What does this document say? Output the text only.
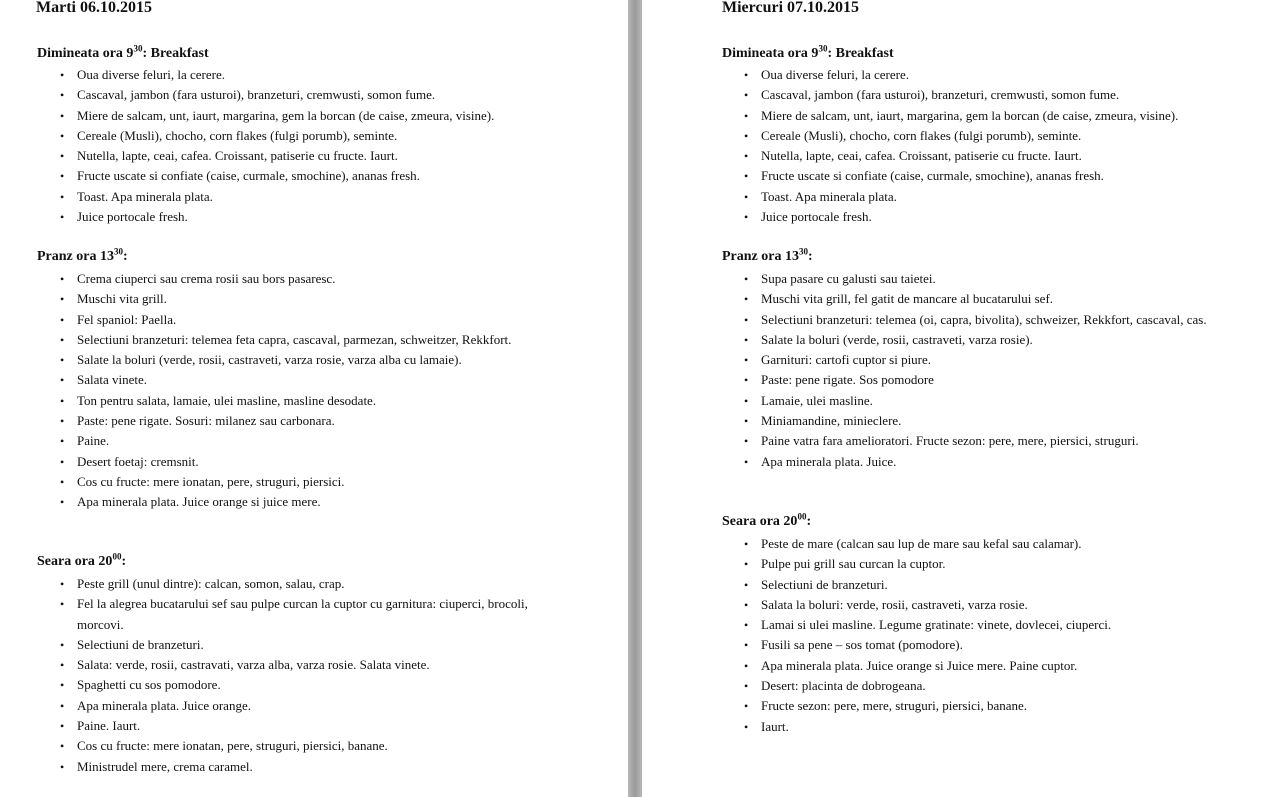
Marti 06.10.2015
Dimineata ora $9^{30}$: Breakfast
• Oua diverse feluri, la cerere.
• Cascaval, jambon (fara usturoi), branzeturi, cremwusti, somon fume.
• Miere de salcam, unt, iaurt, margarina, gem la borcan (de caise, zmeura, visine).
• Cereale (Musli), chocho, corn flakes (fulgi porumb), seminte.
• Nutella, lapte, ceai, cafea. Croissant, patiserie cu fructe. Iaurt.
• Fructe uscate si confiate (caise, curmale, smochine), ananas fresh.
• Toast. Apa minerala plata.
• Juice portocale fresh.
Pranz ora $13^{30}$:
• Crema ciuperci sau crema rosii sau bors pasaresc.
• Muschi vita grill.
• Fel spaniol: Paella.
• Selectiuni branzeturi: telemea feta capra, cascaval, parmezan, schweitzer, Rekkfort.
• Salate la boluri (verde, rosii, castraveti, varza rosie, varza alba cu lamaie).
• Salata vinete.
• Ton pentru salata, lamaie, ulei masline, masline desodate.
• Paste: pene rigate. Sosuri: milanez sau carbonara.
• Paine.
• Desert foetaj: cremsnit.
• Cos cu fructe: mere ionatan, pere, struguri, piersici.
• Apa minerala plata. Juice orange si juice mere.
Seara ora $20^{00}$:
• Peste grill (unul dintre): calcan, somon, salau, crap.
• Fel la alegrea bucatarului sef sau pulpe curcan la cuptor cu garnitura: ciuperci, brocoli, morcovi.
• Selectiuni de branzeturi.
• Salata: verde, rosii, castravati, varza alba, varza rosie. Salata vinete.
• Spaghetti cu sos pomodore.
• Apa minerala plata. Juice orange.
• Paine. Iaurt.
• Cos cu fructe: mere ionatan, pere, struguri, piersici, banane.
• Ministrudel mere, crema caramel.
Miercuri 07.10.2015
Dimineata ora $9^{30}$: Breakfast
• Oua diverse feluri, la cerere.
• Cascaval, jambon (fara usturoi), branzeturi, cremwusti, somon fume.
• Miere de salcam, unt, iaurt, margarina, gem la borcan (de caise, zmeura, visine).
• Cereale (Musli), chocho, corn flakes (fulgi porumb), seminte.
• Nutella, lapte, ceai, cafea. Croissant, patiserie cu fructe. Iaurt.
• Fructe uscate si confiate (caise, curmale, smochine), ananas fresh.
• Toast. Apa minerala plata.
• Juice portocale fresh.
Pranz ora $13^{30}$:
• Supa pasare cu galusti sau taietei.
• Muschi vita grill, fel gatit de mancare al bucatarului sef.
• Selectiuni branzeturi: telemea (oi, capra, bivolita), schweizer, Rekkfort, cascaval, cas.
• Salate la boluri (verde, rosii, castraveti, varza rosie).
• Garnituri: cartofi cuptor si piure.
• Paste: pene rigate. Sos pomodore
• Lamaie, ulei masline.
• Miniamandine, minieclere.
• Paine vatra fara amelioratori. Fructe sezon: pere, mere, piersici, struguri.
• Apa minerala plata. Juice.
Seara ora $20^{00}$:
• Peste de mare (calcan sau lup de mare sau kefal sau calamar).
• Pulpe pui grill sau curcan la cuptor.
• Selectiuni de branzeturi.
• Salata la boluri: verde, rosii, castraveti, varza rosie.
• Lamai si ulei masline. Legume gratinate: vinete, dovlecei, ciuperci.
• Fusili sa pene – sos tomat (pomodore).
• Apa minerala plata. Juice orange si Juice mere. Paine cuptor.
• Desert: placinta de dobrogeana.
• Fructe sezon: pere, mere, struguri, piersici, banane.
• Iaurt.
